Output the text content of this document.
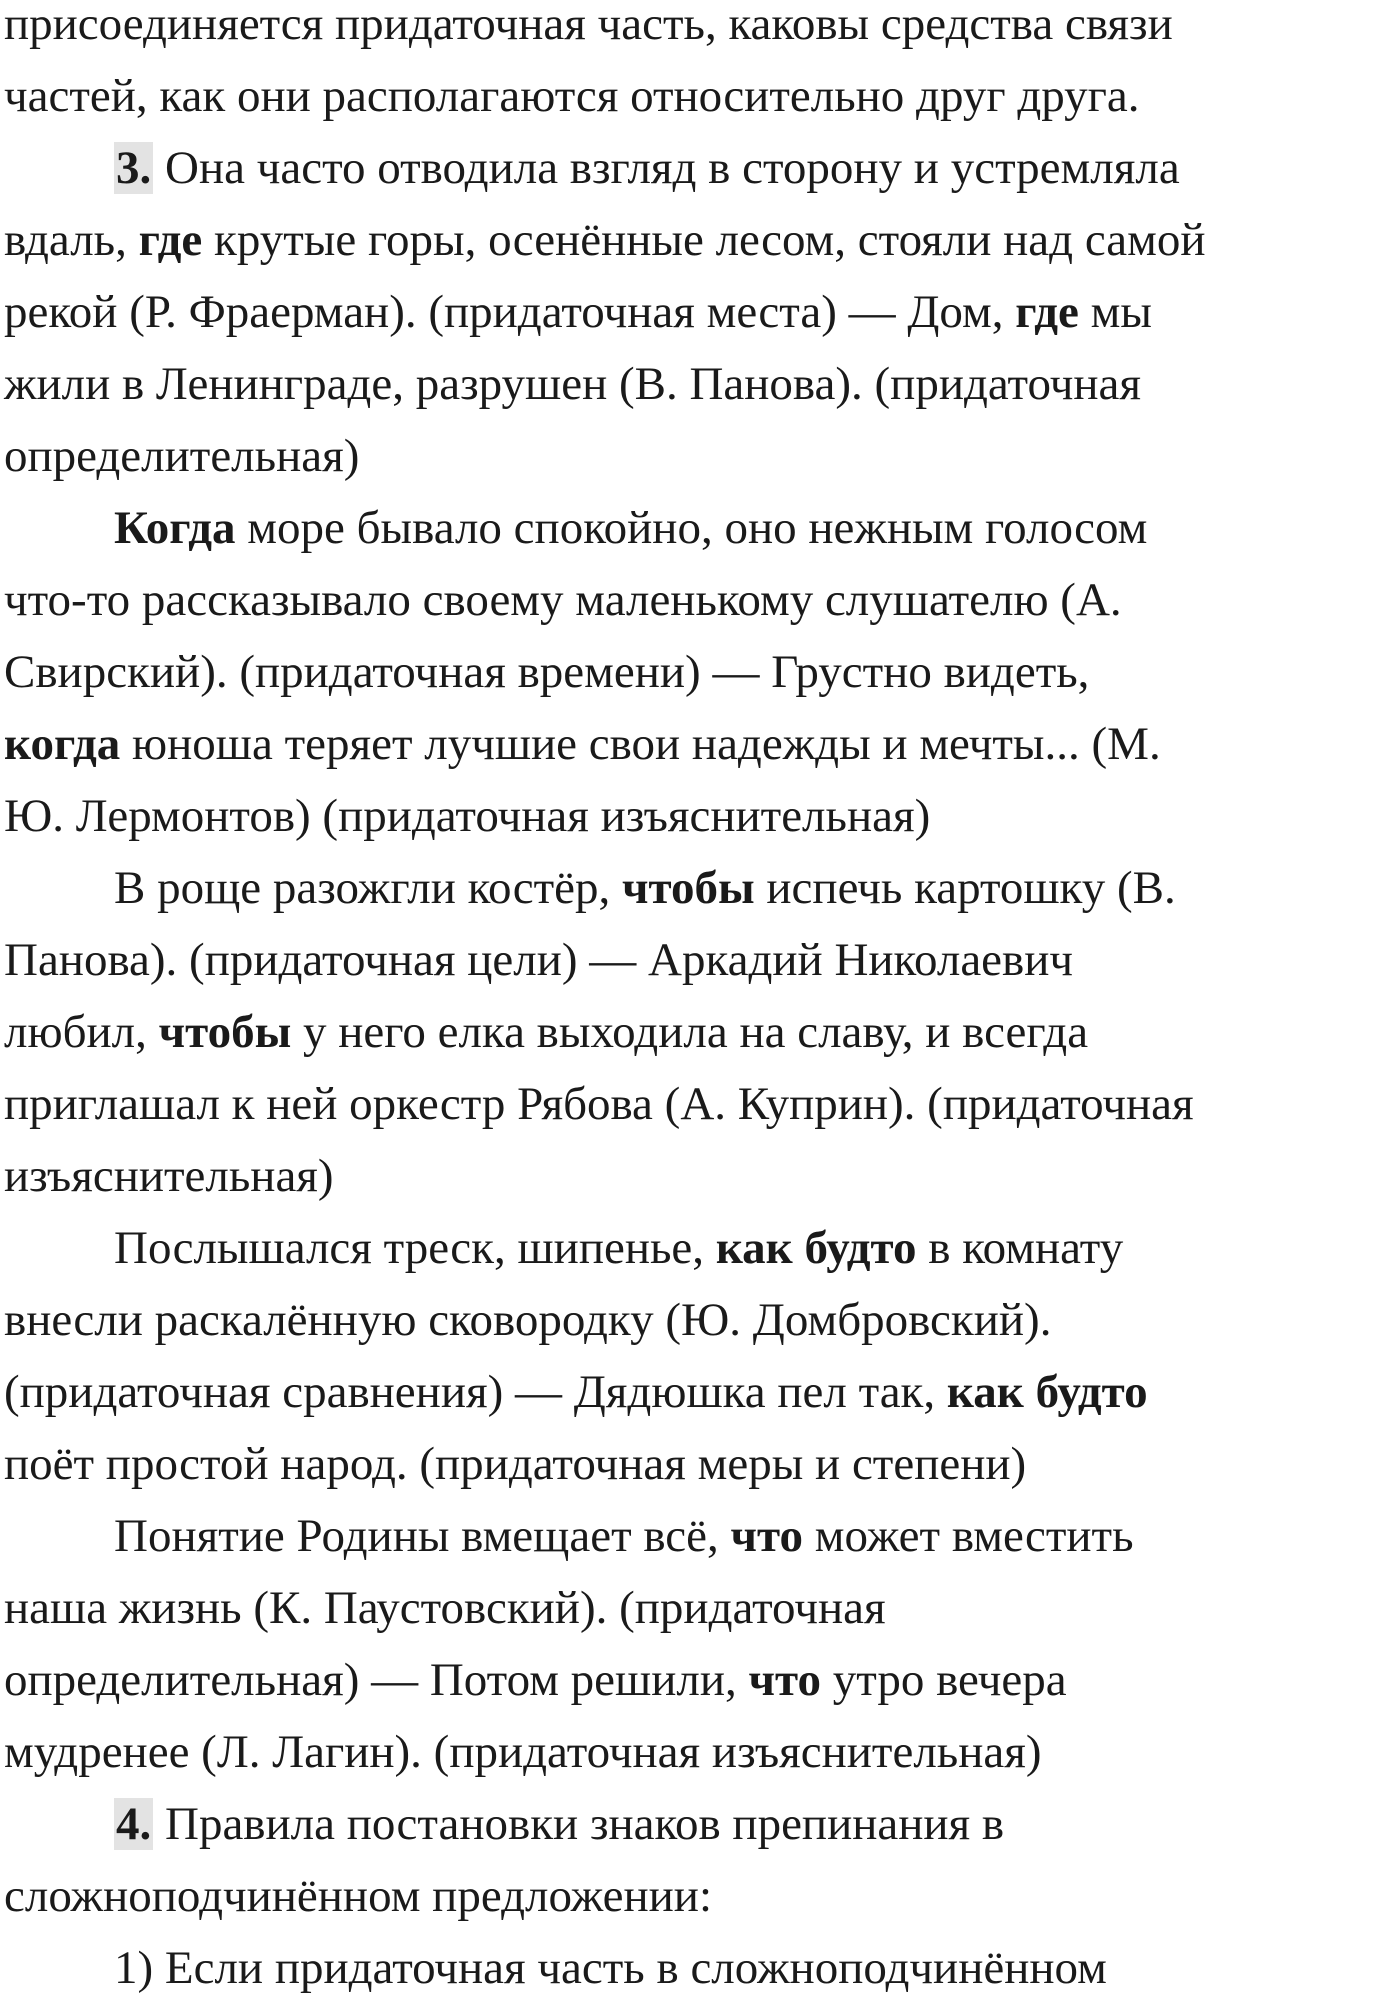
присоединяется придаточная часть, каковы средства связи
частей, как они располагаются относительно друг друга.
3. Она часто отводила взгляд в сторону и устремляла
вдаль, где крутые горы, осенённые лесом, стояли над самой
рекой (Р. Фраерман). (придаточная места) — Дом, где мы
жили в Ленинграде, разрушен (В. Панова). (придаточная
определительная)
Когда море бывало спокойно, оно нежным голосом
что-то рассказывало своему маленькому слушателю (А.
Свирский). (придаточная времени) — Грустно видеть,
когда юноша теряет лучшие свои надежды и мечты... (М.
Ю. Лермонтов) (придаточная изъяснительная)
В роще разожгли костёр, чтобы испечь картошку (В.
Панова). (придаточная цели) — Аркадий Николаевич
любил, чтобы у него елка выходила на славу, и всегда
приглашал к ней оркестр Рябова (А. Куприн). (придаточная
изъяснительная)
Послышался треск, шипенье, как будто в комнату
внесли раскалённую сковородку (Ю. Домбровский).
(придаточная сравнения) — Дядюшка пел так, как будто
поёт простой народ. (придаточная меры и степени)
Понятие Родины вмещает всё, что может вместить
наша жизнь (К. Паустовский). (придаточная
определительная) — Потом решили, что утро вечера
мудренее (Л. Лагин). (придаточная изъяснительная)
4. Правила постановки знаков препинания в
сложноподчинённом предложении:
1) Если придаточная часть в сложноподчинённом
